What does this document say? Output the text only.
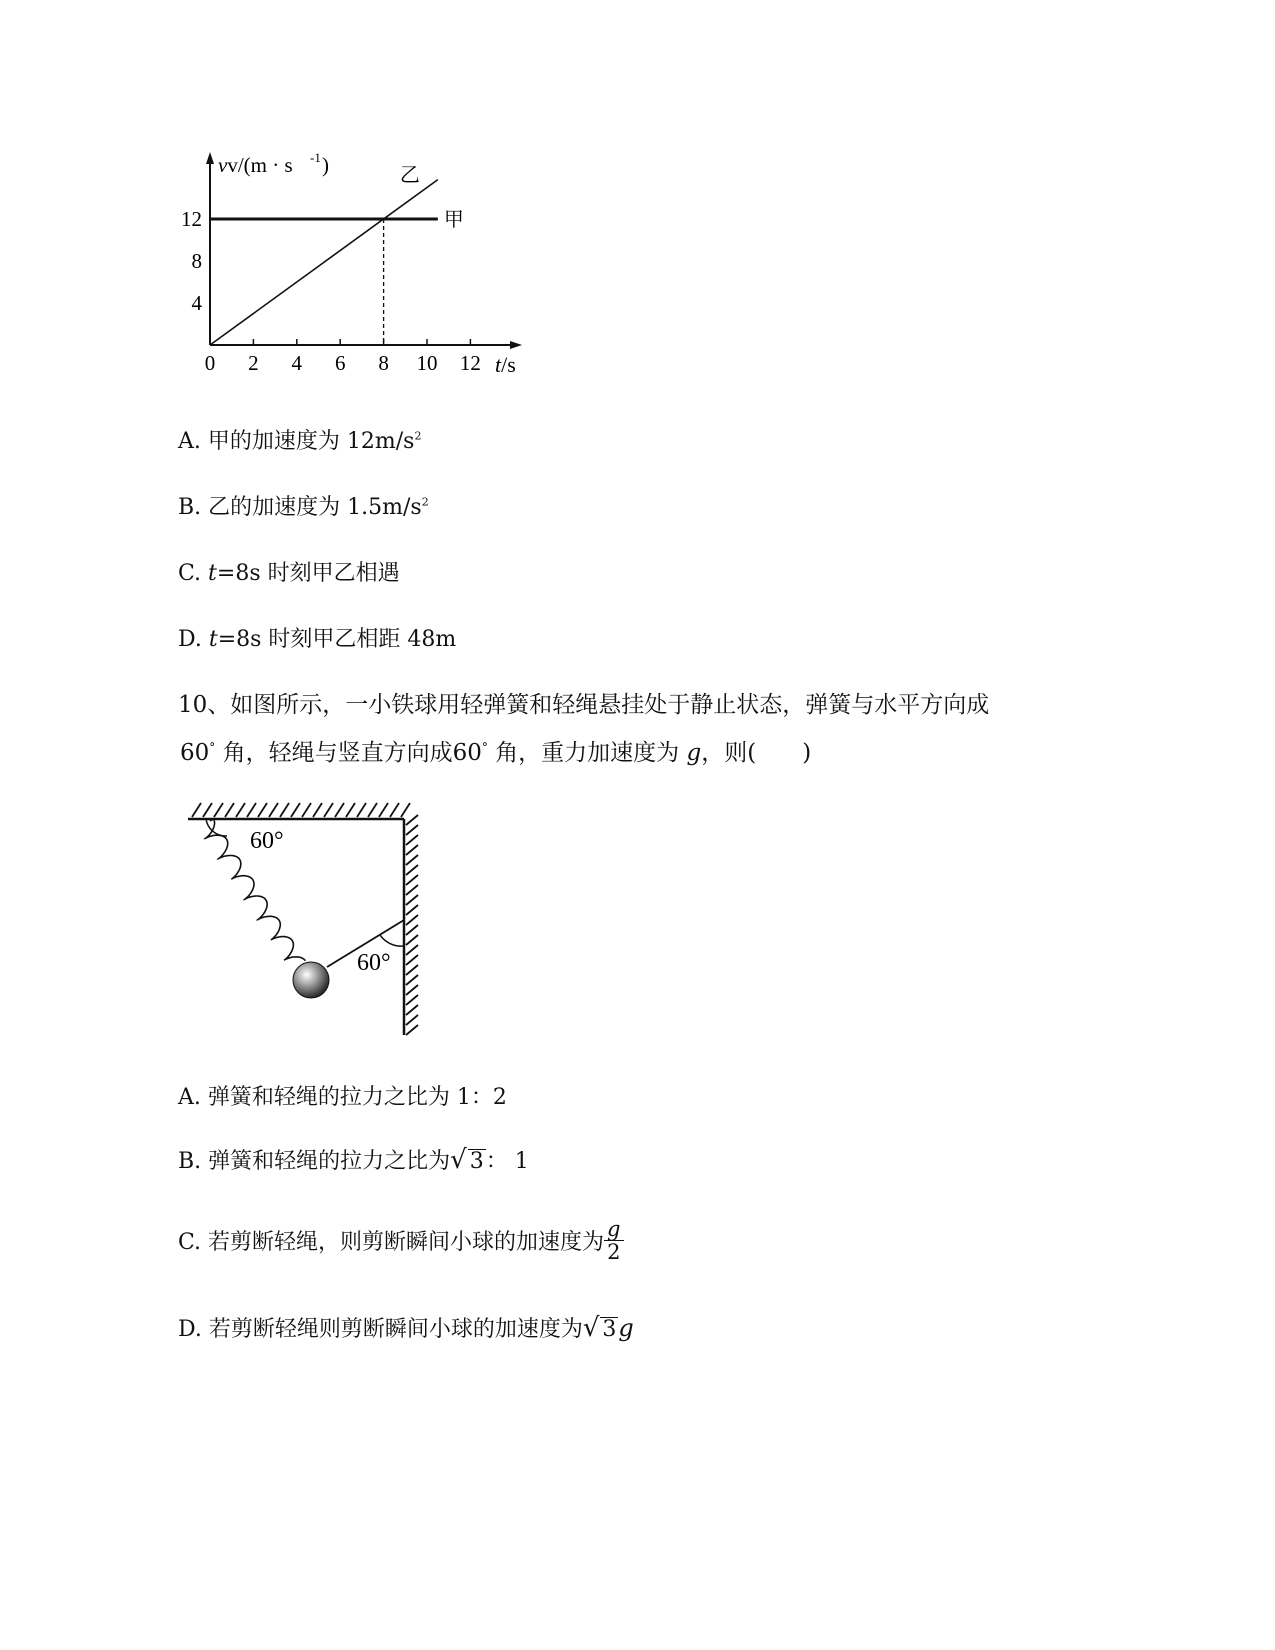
vv/(m · s -1 )
t/s
0 2 4 6 8 10 12
4
8
12	甲
乙
A. 甲的加速度为 $12m/s^2$
B. 乙的加速度为 $1.5m/s^2$
C. t=8s 时刻甲乙相遇
D. t=8s 时刻甲乙相距 48m
10、如图所示，一小铁球用轻弹簧和轻绳悬挂处于静止状态，弹簧与水平方向成
60° 角，轻绳与竖直方向成60° 角，重力加速度为 g，则(　　)
60°
60°
A. 弹簧和轻绳的拉力之比为 1：2
B. 弹簧和轻绳的拉力之比为√ 3： 1
C. 若剪断轻绳，则剪断瞬间小球的加速度为 $\frac{g}{2}$
D. 若剪断轻绳则剪断瞬间小球的加速度为√ 3g
